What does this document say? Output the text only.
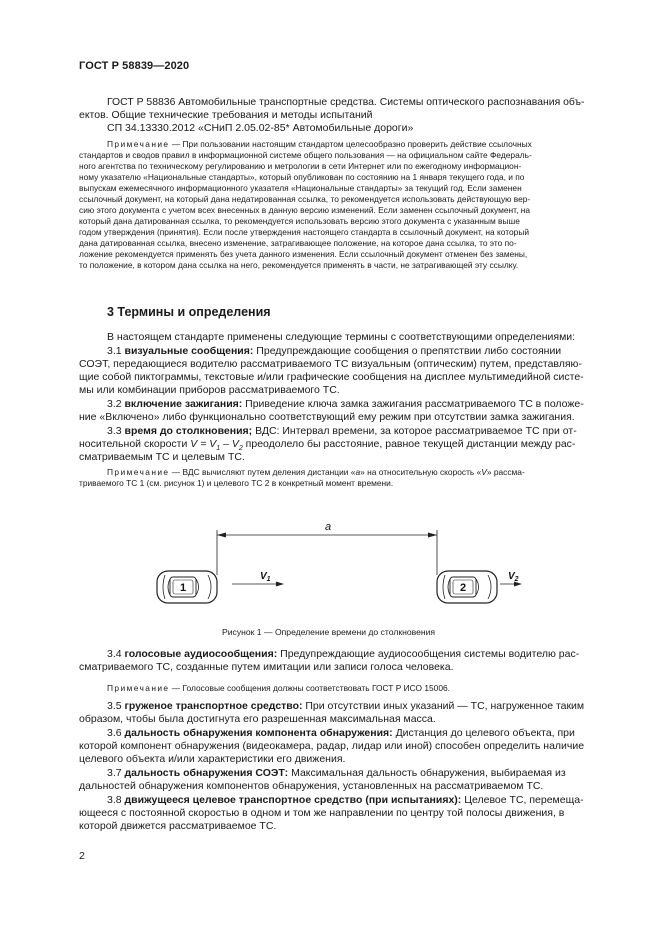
ГОСТ Р 58839—2020
ГОСТ Р 58836 Автомобильные транспортные средства. Системы оптического распознавания объ-
ектов. Общие технические требования и методы испытаний
СП 34.13330.2012 «СНиП 2.05.02-85* Автомобильные дороги»
Примечание — При пользовании настоящим стандартом целесообразно проверить действие ссылочных
стандартов и сводов правил в информационной системе общего пользования — на официальном сайте Федераль-
ного агентства по техническому регулированию и метрологии в сети Интернет или по ежегодному информацион-
ному указателю «Национальные стандарты», который опубликован по состоянию на 1 января текущего года, и по
выпускам ежемесячного информационного указателя «Национальные стандарты» за текущий год. Если заменен
ссылочный документ, на который дана недатированная ссылка, то рекомендуется использовать действующую вер-
сию этого документа с учетом всех внесенных в данную версию изменений. Если заменен ссылочный документ, на
который дана датированная ссылка, то рекомендуется использовать версию этого документа с указанным выше
годом утверждения (принятия). Если после утверждения настоящего стандарта в ссылочный документ, на который
дана датированная ссылка, внесено изменение, затрагивающее положение, на которое дана ссылка, то это по-
ложение рекомендуется применять без учета данного изменения. Если ссылочный документ отменен без замены,
то положение, в котором дана ссылка на него, рекомендуется применять в части, не затрагивающей эту ссылку.
3 Термины и определения
В настоящем стандарте применены следующие термины с соответствующими определениями:
3.1 визуальные сообщения: Предупреждающие сообщения о препятствии либо состоянии
СОЭТ, передающиеся водителю рассматриваемого ТС визуальным (оптическим) путем, представляю-
щие собой пиктограммы, текстовые и/или графические сообщения на дисплее мультимедийной систе-
мы или комбинации приборов рассматриваемого ТС.
3.2 включение зажигания: Приведение ключа замка зажигания рассматриваемого ТС в положе-
ние «Включено» либо функционально соответствующий ему режим при отсутствии замка зажигания.
3.3 время до столкновения; ВДС: Интервал времени, за которое рассматриваемое ТС при от-
носительной скорости $V = V_1 - V_2$ преодолело бы расстояние, равное текущей дистанции между рас-
сматриваемым ТС и целевым ТС.
Примечание — ВДС вычисляют путем деления дистанции «a» на относительную скорость «V» рассма-
триваемого ТС 1 (см. рисунок 1) и целевого ТС 2 в конкретный момент времени.
a
1
$V_1$
2
$V_2$
Рисунок 1 — Определение времени до столкновения
3.4 голосовые аудиосообщения: Предупреждающие аудиосообщения системы водителю рас-
сматриваемого ТС, созданные путем имитации или записи голоса человека.
Примечание — Голосовые сообщения должны соответствовать ГОСТ Р ИСО 15006.
3.5 груженое транспортное средство: При отсутствии иных указаний — ТС, нагруженное таким
образом, чтобы была достигнута его разрешенная максимальная масса.
3.6 дальность обнаружения компонента обнаружения: Дистанция до целевого объекта, при
которой компонент обнаружения (видеокамера, радар, лидар или иной) способен определить наличие
целевого объекта и/или характеристики его движения.
3.7 дальность обнаружения СОЭТ: Максимальная дальность обнаружения, выбираемая из
дальностей обнаружения компонентов обнаружения, установленных на рассматриваемом ТС.
3.8 движущееся целевое транспортное средство (при испытаниях): Целевое ТС, перемеща-
ющееся с постоянной скоростью в одном и том же направлении по центру той полосы движения, в
которой движется рассматриваемое ТС.
2
